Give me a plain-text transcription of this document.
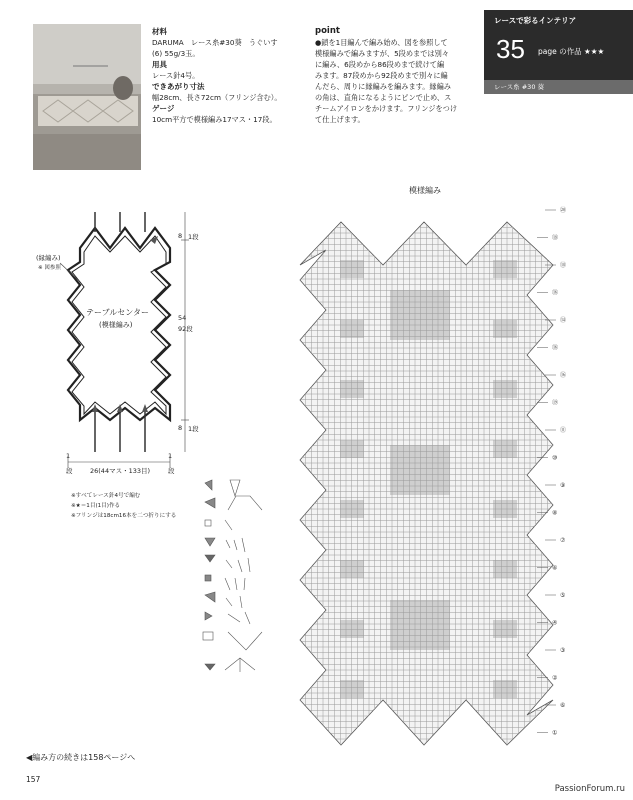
材料
DARUMA　レース糸#30葵　うぐいす
(6) 55g/3玉。
用具
レース針4号。
できあがり寸法
幅28cm、長さ72cm（フリンジ含む）。
ゲージ
10cm平方で模様編み17マス・17段。
point
●鎖を1目編んで編み始め、図を参照して
模様編みで編みますが、5段めまでは別々
に編み、6段めから86段めまで続けて編
みます。87段めから92段めまで別々に編
んだら、周りに縁編みを編みます。縁編み
の角は、直角になるようにピンで止め、ス
チームアイロンをかけます。フリンジをつけ
て仕上げます。
レースで彩るインテリア
35 page の作品 ★★★
レース糸 #30 葵
(縁編み)
※ 図参照
テーブルセンター
(模様編み)
8 1段
54
92段
8 1段
26(44マス・133目)
1
段
1
段
※すべてレース針4号で編む
※★＝1目(1目)作る
※フリンジは18cm16本を二つ折りにする
模様編み
⑳
⑱
⑱
⑯
⑭
⑯
⑯
⑲
⑪
⑩
⑨
⑧
⑦
⑥
⑤
④
③
②
⑥
①
◀編み方の続きは158ページへ
157
PassionForum.ru
